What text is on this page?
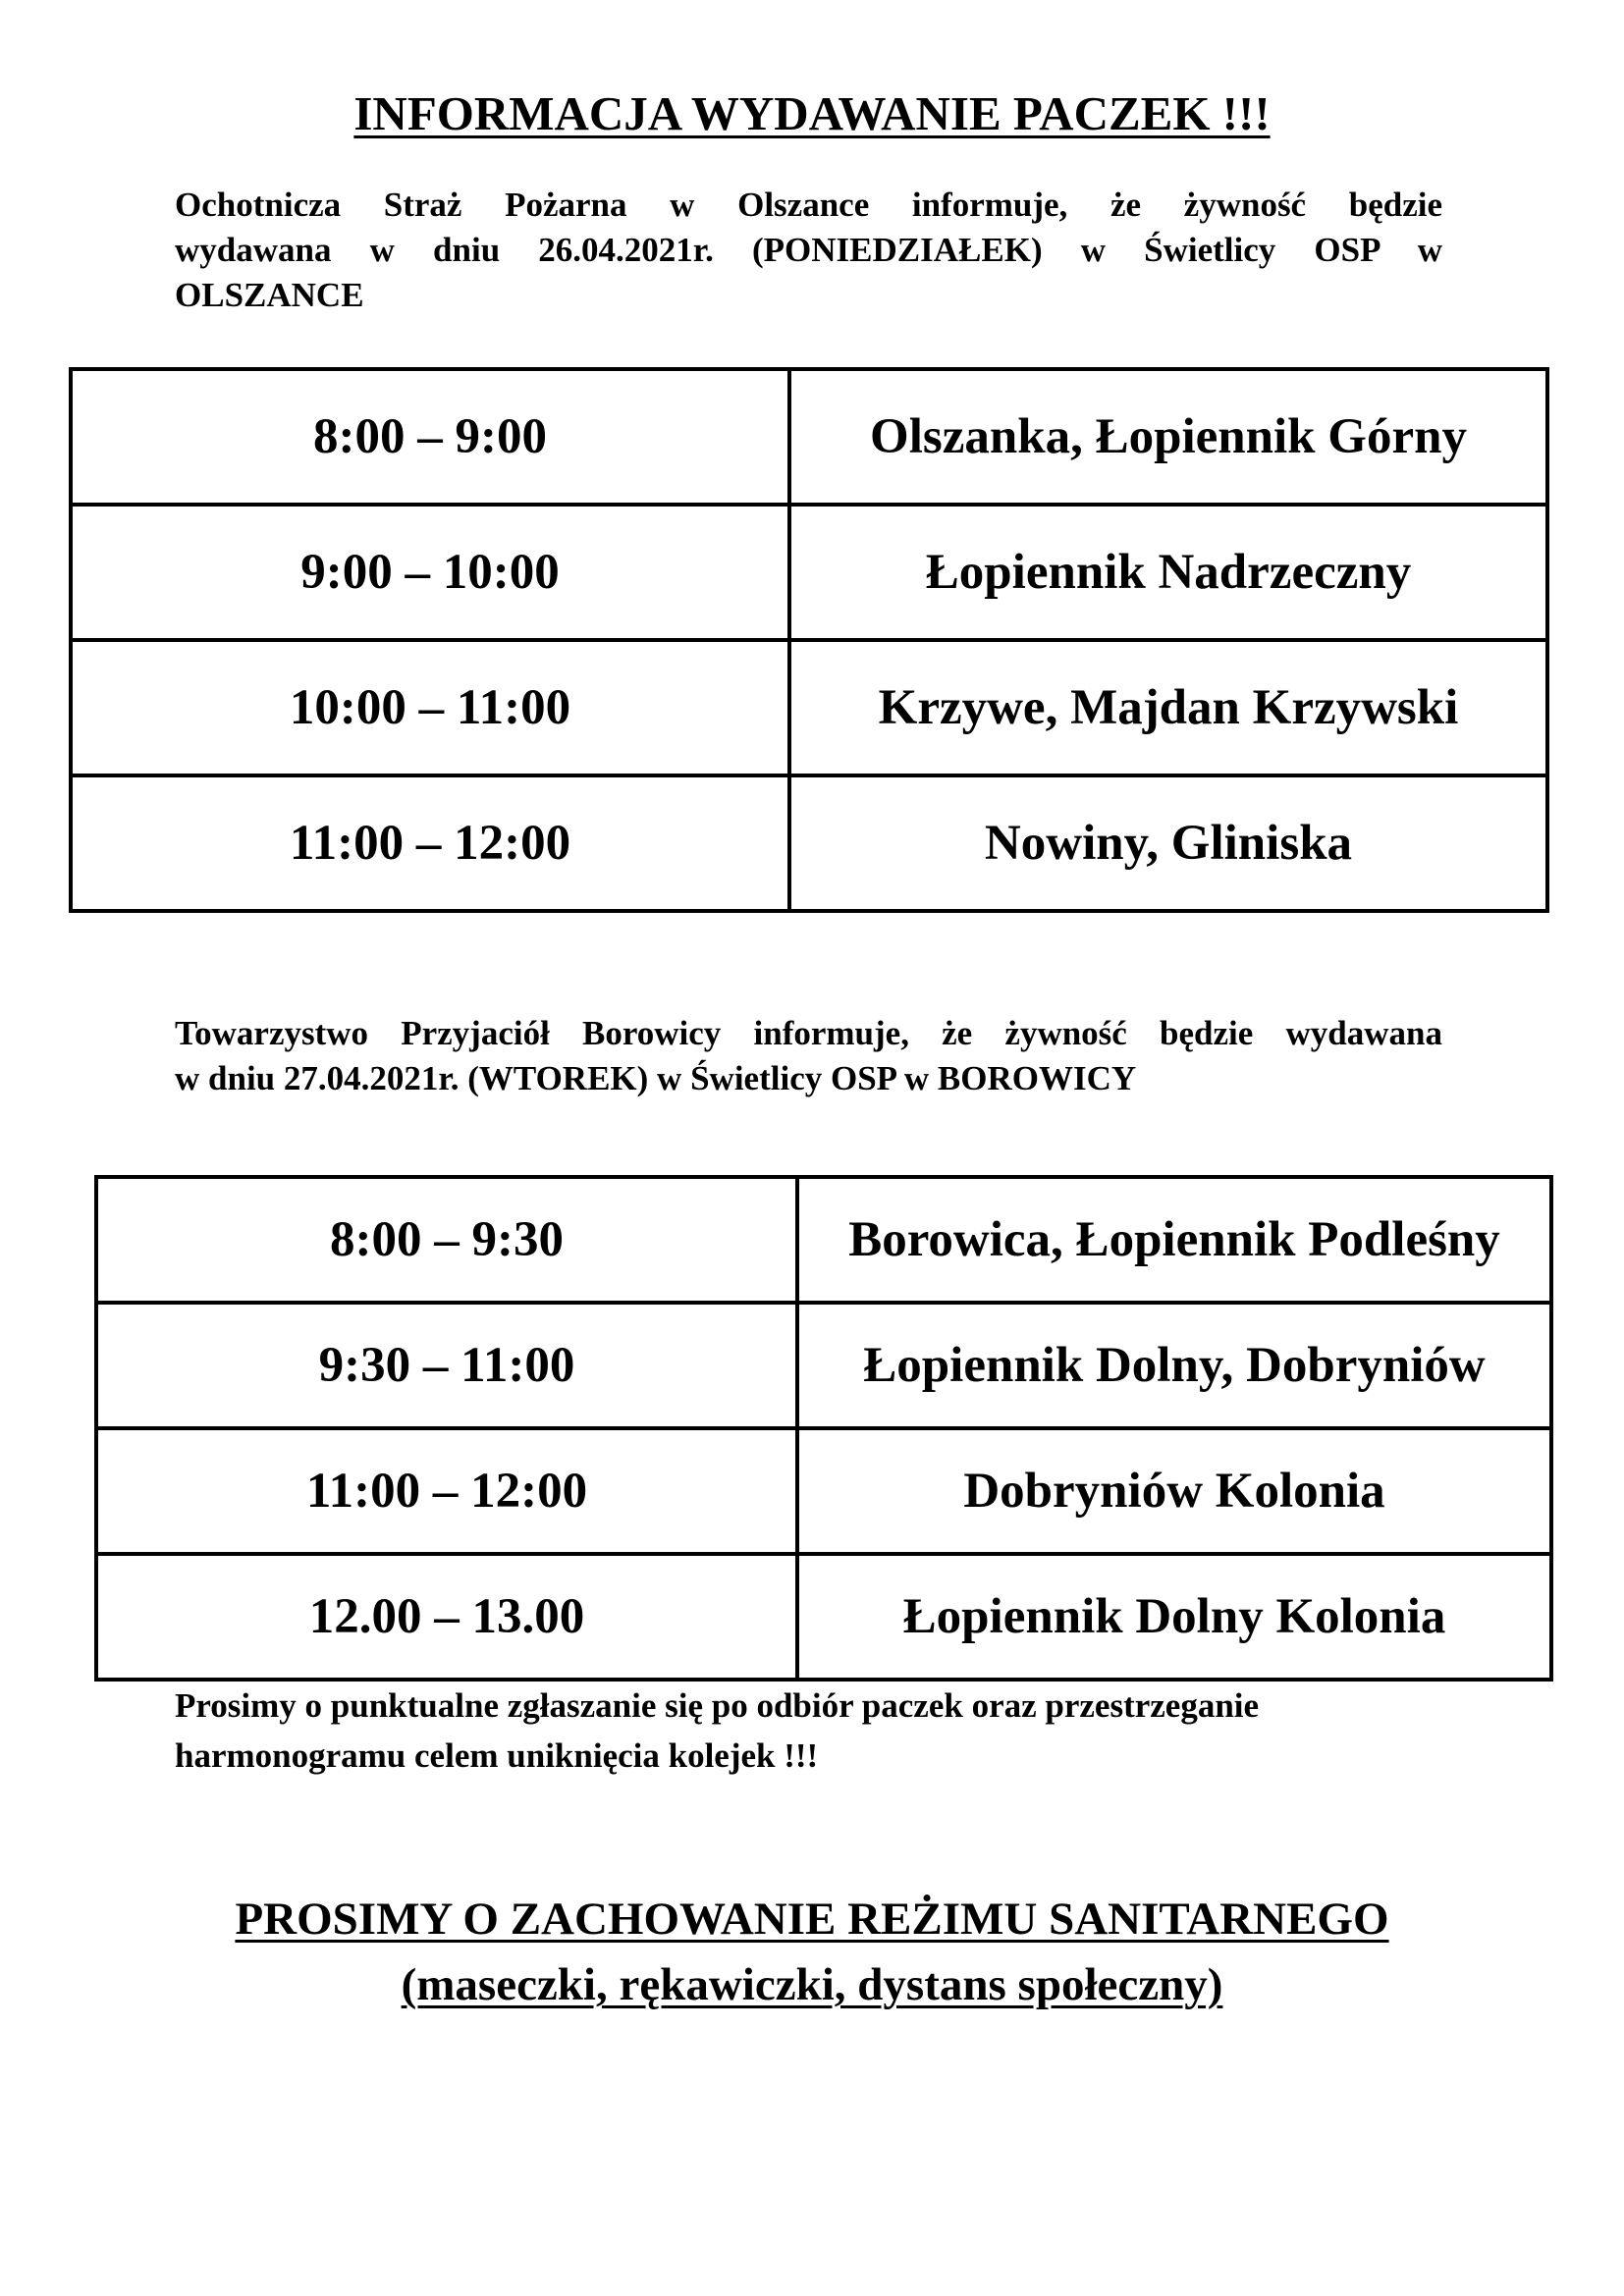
INFORMACJA WYDAWANIE PACZEK !!!
Ochotnicza Straż Pożarna w Olszance informuje, że żywność będzie
wydawana w dniu 26.04.2021r. (PONIEDZIAŁEK) w Świetlicy OSP w
OLSZANCE
8:00 – 9:00	Olszanka, Łopiennik Górny
9:00 – 10:00	Łopiennik Nadrzeczny
10:00 – 11:00	Krzywe, Majdan Krzywski
11:00 – 12:00	Nowiny, Gliniska
Towarzystwo Przyjaciół Borowicy informuje, że żywność będzie wydawana
w dniu 27.04.2021r. (WTOREK) w Świetlicy OSP w BOROWICY
8:00 – 9:30	Borowica, Łopiennik Podleśny
9:30 – 11:00	Łopiennik Dolny, Dobryniów
11:00 – 12:00	Dobryniów Kolonia
12.00 – 13.00	Łopiennik Dolny Kolonia
Prosimy o punktualne zgłaszanie się po odbiór paczek oraz przestrzeganie
harmonogramu celem uniknięcia kolejek !!!
PROSIMY O ZACHOWANIE REŻIMU SANITARNEGO
(maseczki, rękawiczki, dystans społeczny)
